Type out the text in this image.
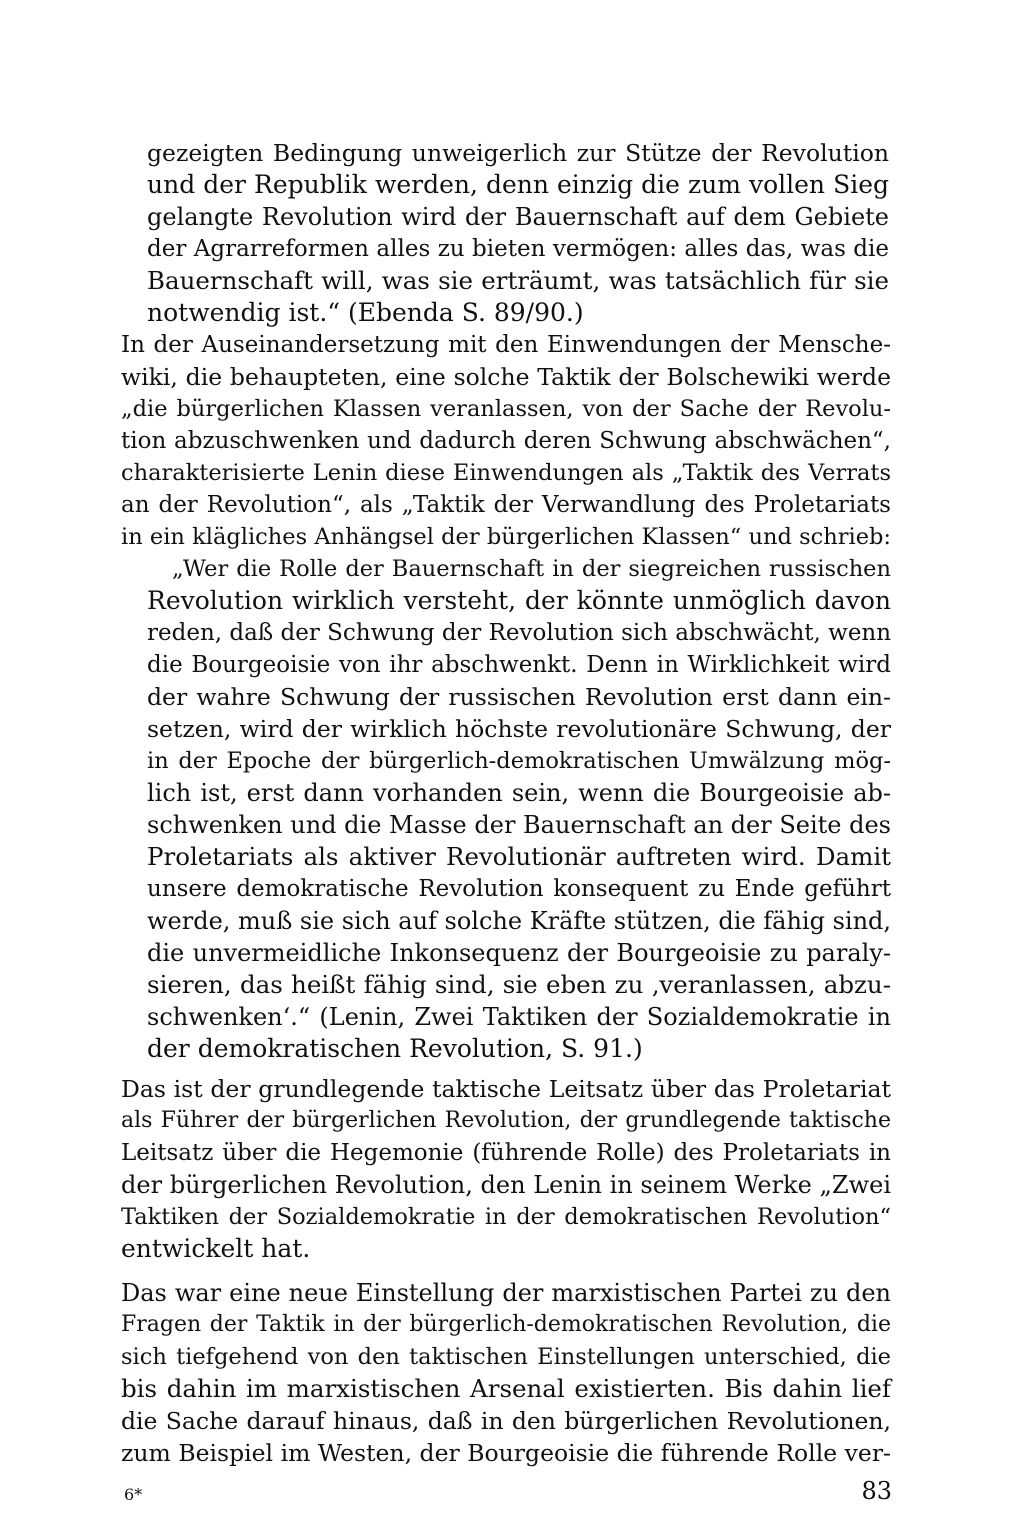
gezeigten Bedingung unweigerlich zur Stütze der Revolution
und der Republik werden, denn einzig die zum vollen Sieg
gelangte Revolution wird der Bauernschaft auf dem Gebiete
der Agrarreformen alles zu bieten vermögen: alles das, was die
Bauernschaft will, was sie erträumt, was tatsächlich für sie
notwendig ist.“ (Ebenda S. 89/90.)
In der Auseinandersetzung mit den Einwendungen der Mensche-
wiki, die behaupteten, eine solche Taktik der Bolschewiki werde
„die bürgerlichen Klassen veranlassen, von der Sache der Revolu-
tion abzuschwenken und dadurch deren Schwung abschwächen“,
charakterisierte Lenin diese Einwendungen als „Taktik des Verrats
an der Revolution“, als „Taktik der Verwandlung des Proletariats
in ein klägliches Anhängsel der bürgerlichen Klassen“ und schrieb:
„Wer die Rolle der Bauernschaft in der siegreichen russischen
Revolution wirklich versteht, der könnte unmöglich davon
reden, daß der Schwung der Revolution sich abschwächt, wenn
die Bourgeoisie von ihr abschwenkt. Denn in Wirklichkeit wird
der wahre Schwung der russischen Revolution erst dann ein-
setzen, wird der wirklich höchste revolutionäre Schwung, der
in der Epoche der bürgerlich-demokratischen Umwälzung mög-
lich ist, erst dann vorhanden sein, wenn die Bourgeoisie ab-
schwenken und die Masse der Bauernschaft an der Seite des
Proletariats als aktiver Revolutionär auftreten wird. Damit
unsere demokratische Revolution konsequent zu Ende geführt
werde, muß sie sich auf solche Kräfte stützen, die fähig sind,
die unvermeidliche Inkonsequenz der Bourgeoisie zu paraly-
sieren, das heißt fähig sind, sie eben zu ‚veranlassen, abzu-
schwenken‘.“ (Lenin, Zwei Taktiken der Sozialdemokratie in
der demokratischen Revolution, S. 91.)
Das ist der grundlegende taktische Leitsatz über das Proletariat
als Führer der bürgerlichen Revolution, der grundlegende taktische
Leitsatz über die Hegemonie (führende Rolle) des Proletariats in
der bürgerlichen Revolution, den Lenin in seinem Werke „Zwei
Taktiken der Sozialdemokratie in der demokratischen Revolution“
entwickelt hat.
Das war eine neue Einstellung der marxistischen Partei zu den
Fragen der Taktik in der bürgerlich-demokratischen Revolution, die
sich tiefgehend von den taktischen Einstellungen unterschied, die
bis dahin im marxistischen Arsenal existierten. Bis dahin lief
die Sache darauf hinaus, daß in den bürgerlichen Revolutionen,
zum Beispiel im Westen, der Bourgeoisie die führende Rolle ver-
6*	83
